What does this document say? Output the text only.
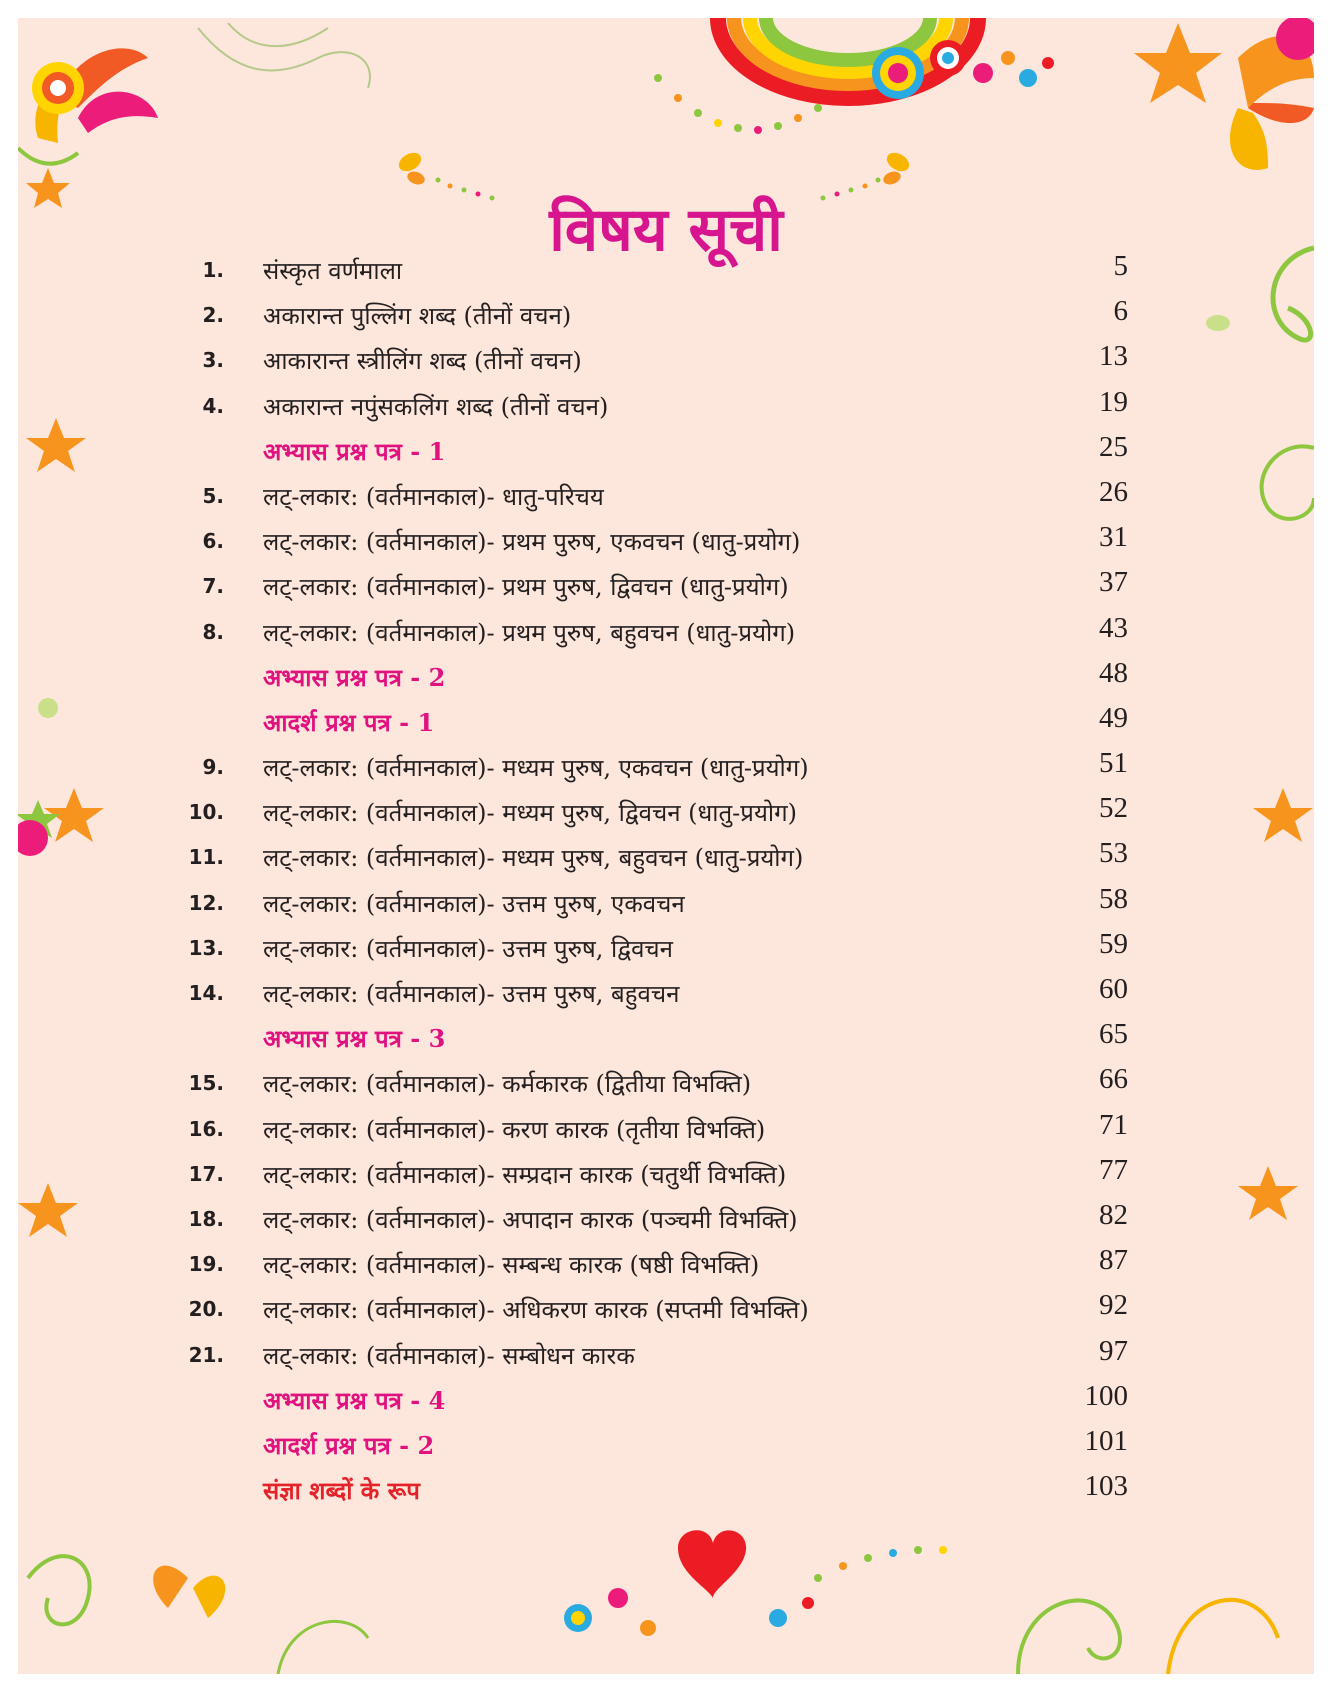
विषय सूची
1. संस्कृत वर्णमाला	5
2. अकारान्त पुल्लिंग शब्द (तीनों वचन)	6
3. आकारान्त स्त्रीलिंग शब्द (तीनों वचन)	13
4. अकारान्त नपुंसकलिंग शब्द (तीनों वचन)	19
अभ्यास प्रश्न पत्र - 1	25
5. लट्-लकार: (वर्तमानकाल)- धातु-परिचय	26
6. लट्-लकार: (वर्तमानकाल)- प्रथम पुरुष, एकवचन (धातु-प्रयोग)	31
7. लट्-लकार: (वर्तमानकाल)- प्रथम पुरुष, द्विवचन (धातु-प्रयोग)	37
8. लट्-लकार: (वर्तमानकाल)- प्रथम पुरुष, बहुवचन (धातु-प्रयोग)	43
अभ्यास प्रश्न पत्र - 2	48
आदर्श प्रश्न पत्र - 1	49
9. लट्-लकार: (वर्तमानकाल)- मध्यम पुरुष, एकवचन (धातु-प्रयोग)	51
10. लट्-लकार: (वर्तमानकाल)- मध्यम पुरुष, द्विवचन (धातु-प्रयोग)	52
11. लट्-लकार: (वर्तमानकाल)- मध्यम पुरुष, बहुवचन (धातु-प्रयोग)	53
12. लट्-लकार: (वर्तमानकाल)- उत्तम पुरुष, एकवचन	58
13. लट्-लकार: (वर्तमानकाल)- उत्तम पुरुष, द्विवचन	59
14. लट्-लकार: (वर्तमानकाल)- उत्तम पुरुष, बहुवचन	60
अभ्यास प्रश्न पत्र - 3	65
15. लट्-लकार: (वर्तमानकाल)- कर्मकारक (द्वितीया विभक्ति)	66
16. लट्-लकार: (वर्तमानकाल)- करण कारक (तृतीया विभक्ति)	71
17. लट्-लकार: (वर्तमानकाल)- सम्प्रदान कारक (चतुर्थी विभक्ति)	77
18. लट्-लकार: (वर्तमानकाल)- अपादान कारक (पञ्चमी विभक्ति)	82
19. लट्-लकार: (वर्तमानकाल)- सम्बन्ध कारक (षष्ठी विभक्ति)	87
20. लट्-लकार: (वर्तमानकाल)- अधिकरण कारक (सप्तमी विभक्ति)	92
21. लट्-लकार: (वर्तमानकाल)- सम्बोधन कारक	97
अभ्यास प्रश्न पत्र - 4	100
आदर्श प्रश्न पत्र - 2	101
संज्ञा शब्दों के रूप	103
